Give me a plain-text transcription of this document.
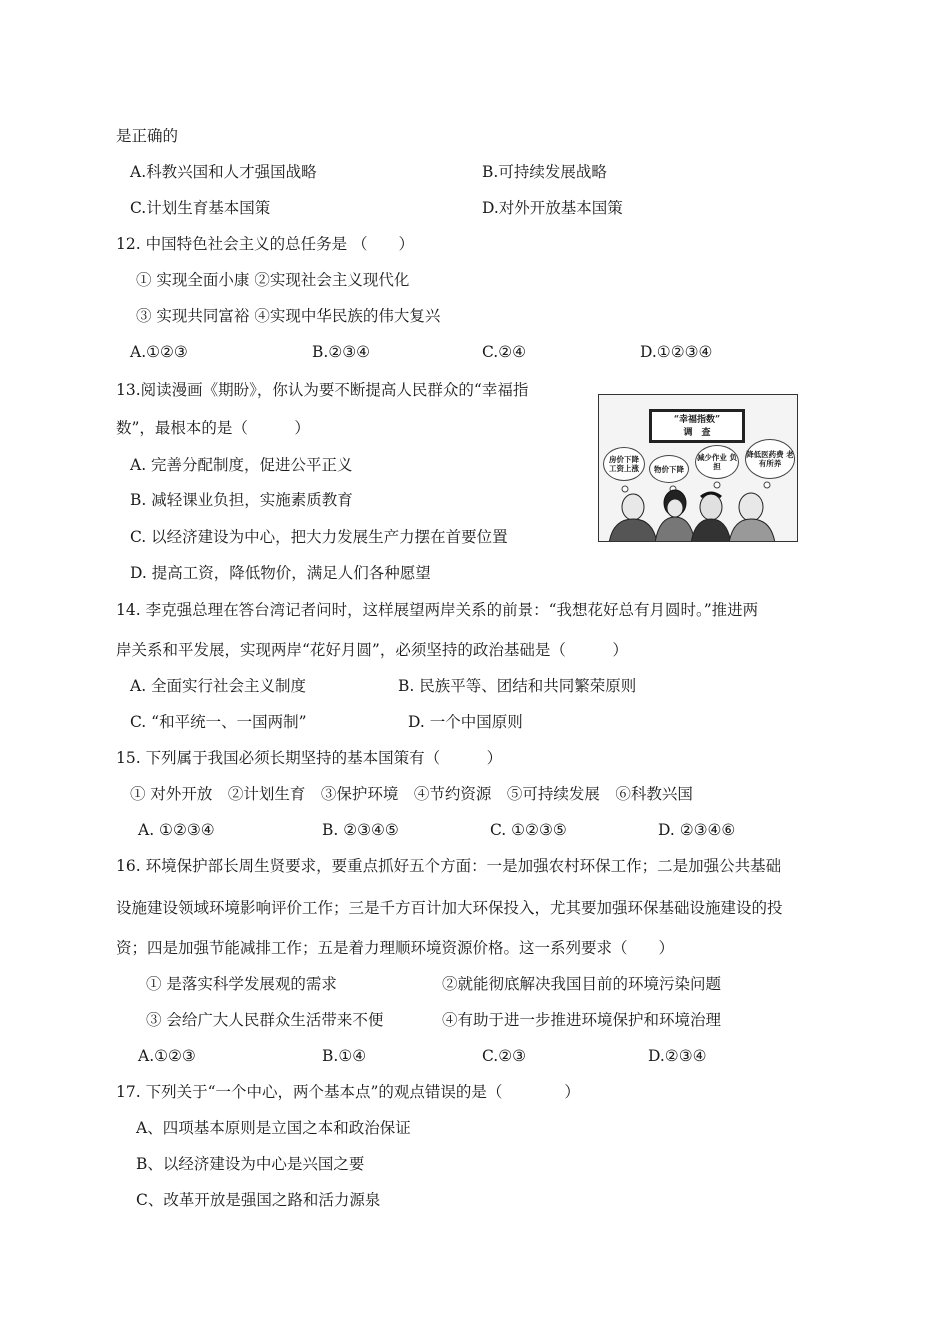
是正确的
A.科教兴国和人才强国战略	B.可持续发展战略
C.计划生育基本国策	D.对外开放基本国策
12. 中国特色社会主义的总任务是 （　　）
① 实现全面小康 ②实现社会主义现代化
③ 实现共同富裕 ④实现中华民族的伟大复兴
A.①②③	B.②③④	C.②④	D.①②③④
13.阅读漫画《期盼》，你认为要不断提高人民群众的“幸福指
数”，最根本的是（　　　）
A. 完善分配制度，促进公平正义
B. 减轻课业负担，实施素质教育
C. 以经济建设为中心，把大力发展生产力摆在首要位置
D. 提高工资，降低物价，满足人们各种愿望
“幸福指数”
调　查
房价下降 工资上涨	物价下降
减少作业 负担
降低医药费 老有所养
14. 李克强总理在答台湾记者问时，这样展望两岸关系的前景：“我想花好总有月圆时。”推进两
岸关系和平发展，实现两岸“花好月圆”，必须坚持的政治基础是（　　　）
A. 全面实行社会主义制度	B. 民族平等、团结和共同繁荣原则
C. “和平统一、一国两制”	D. 一个中国原则
15. 下列属于我国必须长期坚持的基本国策有（　　　）
① 对外开放　②计划生育　③保护环境　④节约资源　⑤可持续发展　⑥科教兴国
A. ①②③④	B. ②③④⑤	C. ①②③⑤	D. ②③④⑥
16. 环境保护部长周生贤要求，要重点抓好五个方面：一是加强农村环保工作；二是加强公共基础
设施建设领域环境影响评价工作；三是千方百计加大环保投入，尤其要加强环保基础设施建设的投
资；四是加强节能减排工作；五是着力理顺环境资源价格。这一系列要求（　　）
① 是落实科学发展观的需求	②就能彻底解决我国目前的环境污染问题
③ 会给广大人民群众生活带来不便	④有助于进一步推进环境保护和环境治理
A.①②③	B.①④	C.②③	D.②③④
17. 下列关于“一个中心，两个基本点”的观点错误的是（　　　　）
A、四项基本原则是立国之本和政治保证
B、以经济建设为中心是兴国之要
C、改革开放是强国之路和活力源泉
